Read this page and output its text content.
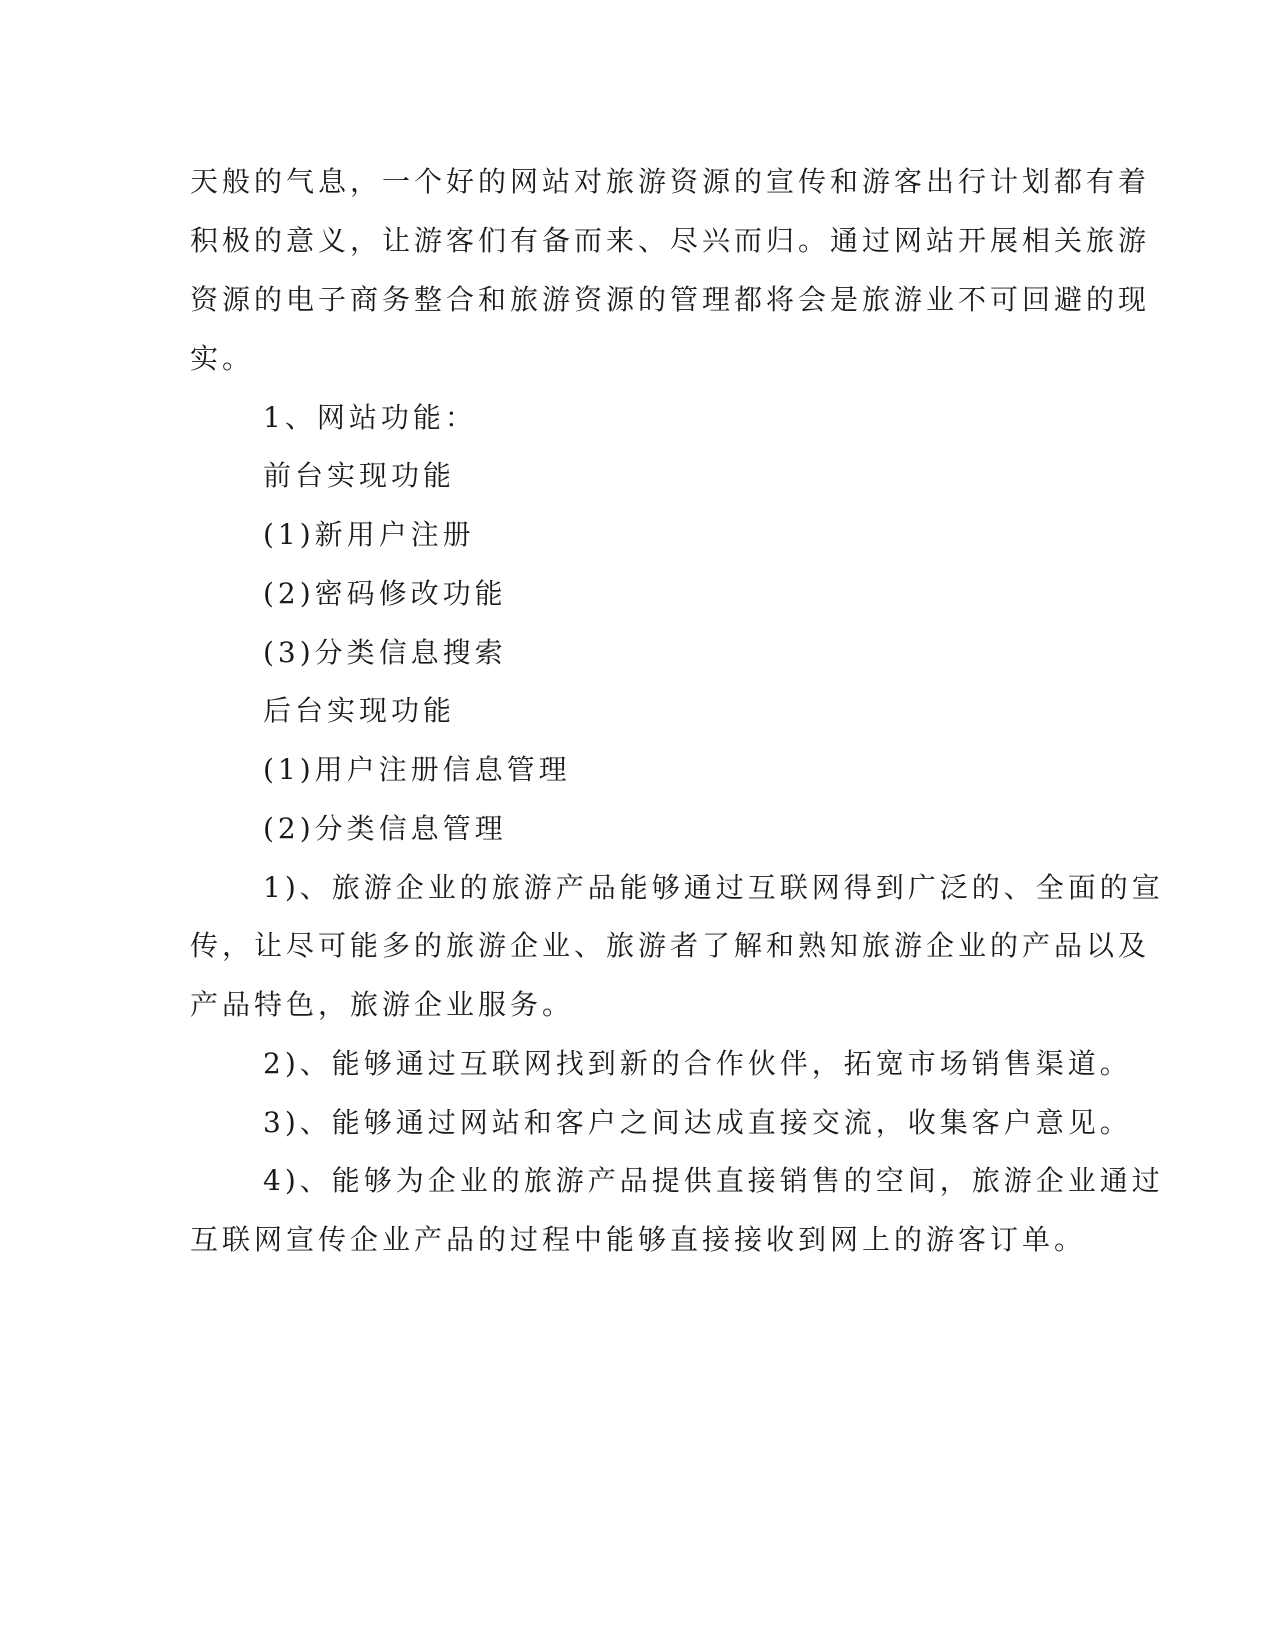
天般的气息，一个好的网站对旅游资源的宣传和游客出行计划都有着

积极的意义，让游客们有备而来、尽兴而归。通过网站开展相关旅游

资源的电子商务整合和旅游资源的管理都将会是旅游业不可回避的现

实。

1、网站功能：

前台实现功能

(1)新用户注册

(2)密码修改功能

(3)分类信息搜索

后台实现功能

(1)用户注册信息管理

(2)分类信息管理

1)、旅游企业的旅游产品能够通过互联网得到广泛的、全面的宣

传，让尽可能多的旅游企业、旅游者了解和熟知旅游企业的产品以及

产品特色，旅游企业服务。

2)、能够通过互联网找到新的合作伙伴，拓宽市场销售渠道。

3)、能够通过网站和客户之间达成直接交流，收集客户意见。

4)、能够为企业的旅游产品提供直接销售的空间，旅游企业通过

互联网宣传企业产品的过程中能够直接接收到网上的游客订单。
